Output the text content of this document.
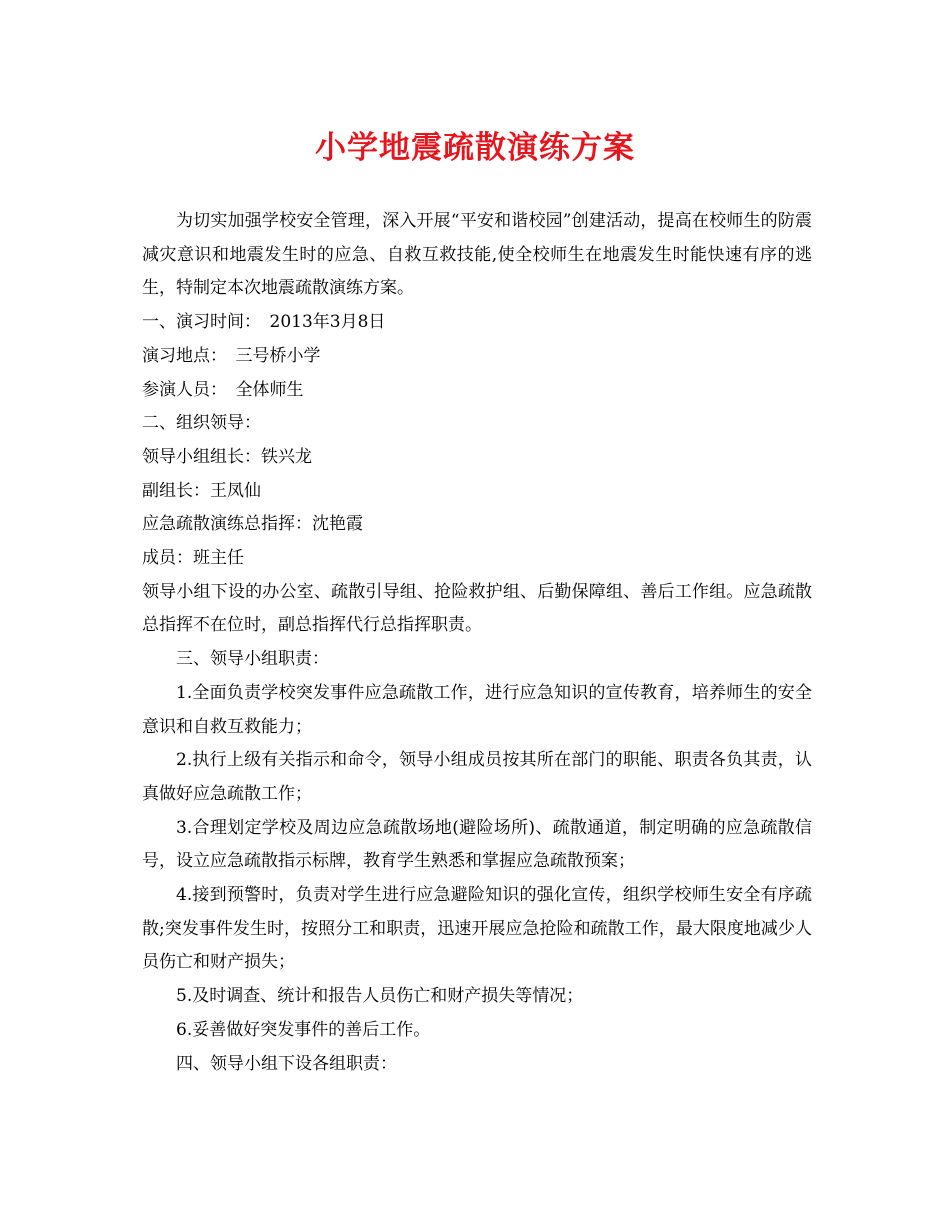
小学地震疏散演练方案

为切实加强学校安全管理，深入开展“平安和谐校园”创建活动，提高在校师生的防震减灾意识和地震发生时的应急、自救互救技能,使全校师生在地震发生时能快速有序的逃生，特制定本次地震疏散演练方案。

一、演习时间：　2013年3月8日

演习地点：　三号桥小学

参演人员：　全体师生

二、组织领导：

领导小组组长：铁兴龙

副组长：王凤仙

应急疏散演练总指挥：沈艳霞

成员：班主任

领导小组下设的办公室、疏散引导组、抢险救护组、后勤保障组、善后工作组。应急疏散总指挥不在位时，副总指挥代行总指挥职责。

三、领导小组职责：

1.全面负责学校突发事件应急疏散工作，进行应急知识的宣传教育，培养师生的安全意识和自救互救能力；

2.执行上级有关指示和命令，领导小组成员按其所在部门的职能、职责各负其责，认真做好应急疏散工作；

3.合理划定学校及周边应急疏散场地(避险场所)、疏散通道，制定明确的应急疏散信号，设立应急疏散指示标牌，教育学生熟悉和掌握应急疏散预案；

4.接到预警时，负责对学生进行应急避险知识的强化宣传，组织学校师生安全有序疏散;突发事件发生时，按照分工和职责，迅速开展应急抢险和疏散工作，最大限度地减少人员伤亡和财产损失；

5.及时调查、统计和报告人员伤亡和财产损失等情况；

6.妥善做好突发事件的善后工作。

四、领导小组下设各组职责：
